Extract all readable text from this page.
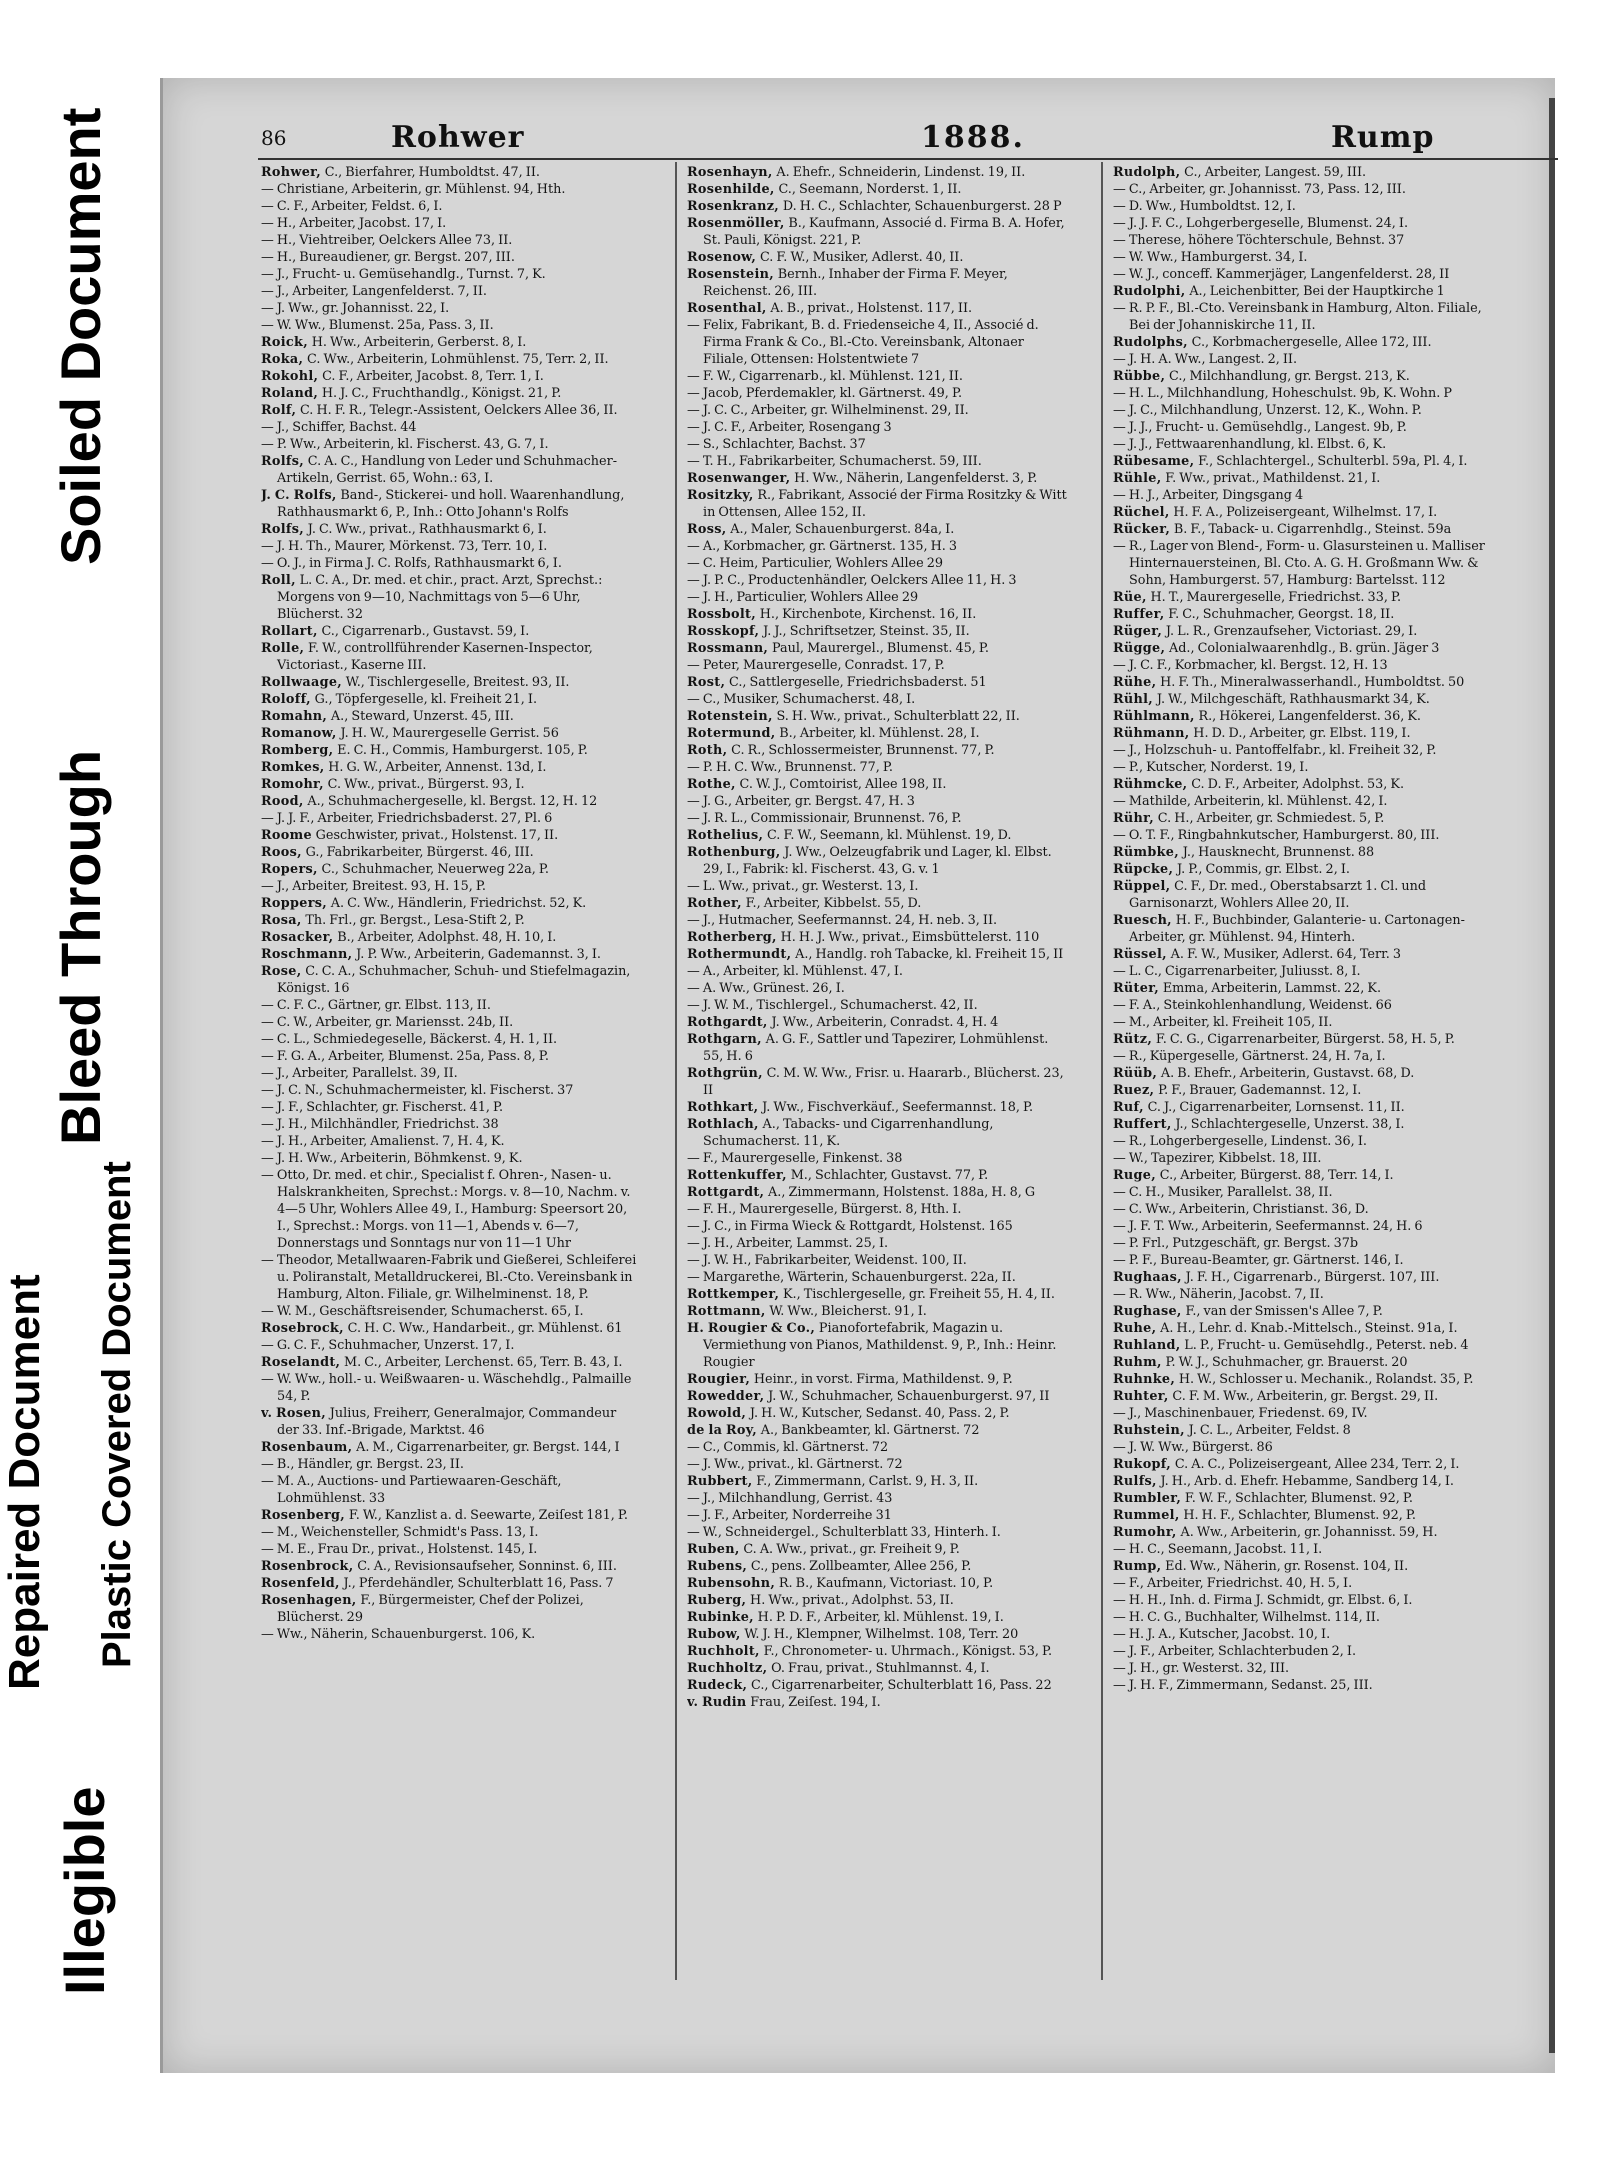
Repaired Document
Illegible
Plastic Covered Document
Bleed Through
Soiled Document	86	Rohwer	1888.	Rump
Rohwer, C., Bierfahrer, Humboldtst. 47, II.
— Christiane, Arbeiterin, gr. Mühlenst. 94, Hth.
— C. F., Arbeiter, Feldst. 6, I.
— H., Arbeiter, Jacobst. 17, I.
— H., Viehtreiber, Oelckers Allee 73, II.
— H., Bureaudiener, gr. Bergst. 207, III.
— J., Frucht- u. Gemüsehandlg., Turnst. 7, K.
— J., Arbeiter, Langenfelderst. 7, II.
— J. Ww., gr. Johannisst. 22, I.
— W. Ww., Blumenst. 25a, Pass. 3, II.
Roick, H. Ww., Arbeiterin, Gerberst. 8, I.
Roka, C. Ww., Arbeiterin, Lohmühlenst. 75, Terr. 2, II.
Rokohl, C. F., Arbeiter, Jacobst. 8, Terr. 1, I.
Roland, H. J. C., Fruchthandlg., Königst. 21, P.
Rolf, C. H. F. R., Telegr.-Assistent, Oelckers Allee 36, II.
— J., Schiffer, Bachst. 44
— P. Ww., Arbeiterin, kl. Fischerst. 43, G. 7, I.
Rolfs, C. A. C., Handlung von Leder und Schuhmacher-Artikeln, Gerrist. 65, Wohn.: 63, I.
J. C. Rolfs, Band-, Stickerei- und holl. Waarenhandlung, Rathhausmarkt 6, P., Inh.: Otto Johann's Rolfs
Rolfs, J. C. Ww., privat., Rathhausmarkt 6, I.
— J. H. Th., Maurer, Mörkenst. 73, Terr. 10, I.
— O. J., in Firma J. C. Rolfs, Rathhausmarkt 6, I.
Roll, L. C. A., Dr. med. et chir., pract. Arzt, Sprechst.: Morgens von 9—10, Nachmittags von 5—6 Uhr, Blücherst. 32
Rollart, C., Cigarrenarb., Gustavst. 59, I.
Rolle, F. W., controllführender Kasernen-Inspector, Victoriast., Kaserne III.
Rollwaage, W., Tischlergeselle, Breitest. 93, II.
Roloff, G., Töpfergeselle, kl. Freiheit 21, I.
Romahn, A., Steward, Unzerst. 45, III.
Romanow, J. H. W., Maurergeselle Gerrist. 56
Romberg, E. C. H., Commis, Hamburgerst. 105, P.
Romkes, H. G. W., Arbeiter, Annenst. 13d, I.
Romohr, C. Ww., privat., Bürgerst. 93, I.
Rood, A., Schuhmachergeselle, kl. Bergst. 12, H. 12
— J. J. F., Arbeiter, Friedrichsbaderst. 27, Pl. 6
Roome Geschwister, privat., Holstenst. 17, II.
Roos, G., Fabrikarbeiter, Bürgerst. 46, III.
Ropers, C., Schuhmacher, Neuerweg 22a, P.
— J., Arbeiter, Breitest. 93, H. 15, P.
Roppers, A. C. Ww., Händlerin, Friedrichst. 52, K.
Rosa, Th. Frl., gr. Bergst., Lesa-Stift 2, P.
Rosacker, B., Arbeiter, Adolphst. 48, H. 10, I.
Roschmann, J. P. Ww., Arbeiterin, Gademannst. 3, I.
Rose, C. C. A., Schuhmacher, Schuh- und Stiefelmagazin, Königst. 16
— C. F. C., Gärtner, gr. Elbst. 113, II.
— C. W., Arbeiter, gr. Mariensst. 24b, II.
— C. L., Schmiedegeselle, Bäckerst. 4, H. 1, II.
— F. G. A., Arbeiter, Blumenst. 25a, Pass. 8, P.
— J., Arbeiter, Parallelst. 39, II.
— J. C. N., Schuhmachermeister, kl. Fischerst. 37
— J. F., Schlachter, gr. Fischerst. 41, P.
— J. H., Milchhändler, Friedrichst. 38
— J. H., Arbeiter, Amalienst. 7, H. 4, K.
— J. H. Ww., Arbeiterin, Böhmkenst. 9, K.
— Otto, Dr. med. et chir., Specialist f. Ohren-, Nasen- u. Halskrankheiten, Sprechst.: Morgs. v. 8—10, Nachm. v. 4—5 Uhr, Wohlers Allee 49, I., Hamburg: Speersort 20, I., Sprechst.: Morgs. von 11—1, Abends v. 6—7, Donnerstags und Sonntags nur von 11—1 Uhr
— Theodor, Metallwaaren-Fabrik und Gießerei, Schleiferei u. Poliranstalt, Metalldruckerei, Bl.-Cto. Vereinsbank in Hamburg, Alton. Filiale, gr. Wilhelminenst. 18, P.
— W. M., Geschäftsreisender, Schumacherst. 65, I.
Rosebrock, C. H. C. Ww., Handarbeit., gr. Mühlenst. 61
— G. C. F., Schuhmacher, Unzerst. 17, I.
Roselandt, M. C., Arbeiter, Lerchenst. 65, Terr. B. 43, I.
— W. Ww., holl.- u. Weißwaaren- u. Wäschehdlg., Palmaille 54, P.
v. Rosen, Julius, Freiherr, Generalmajor, Commandeur der 33. Inf.-Brigade, Marktst. 46
Rosenbaum, A. M., Cigarrenarbeiter, gr. Bergst. 144, I
— B., Händler, gr. Bergst. 23, II.
— M. A., Auctions- und Partiewaaren-Geschäft, Lohmühlenst. 33
Rosenberg, F. W., Kanzlist a. d. Seewarte, Zeiſest 181, P.
— M., Weichensteller, Schmidt's Pass. 13, I.
— M. E., Frau Dr., privat., Holstenst. 145, I.
Rosenbrock, C. A., Revisionsaufseher, Sonninst. 6, III.
Rosenfeld, J., Pferdehändler, Schulterblatt 16, Pass. 7
Rosenhagen, F., Bürgermeister, Chef der Polizei, Blücherst. 29
— Ww., Näherin, Schauenburgerst. 106, K.
Rosenhayn, A. Ehefr., Schneiderin, Lindenst. 19, II.
Rosenhilde, C., Seemann, Norderst. 1, II.
Rosenkranz, D. H. C., Schlachter, Schauenburgerst. 28 P
Rosenmöller, B., Kaufmann, Associé d. Firma B. A. Hofer, St. Pauli, Königst. 221, P.
Rosenow, C. F. W., Musiker, Adlerst. 40, II.
Rosenstein, Bernh., Inhaber der Firma F. Meyer, Reichenst. 26, III.
Rosenthal, A. B., privat., Holstenst. 117, II.
— Felix, Fabrikant, B. d. Friedenseiche 4, II., Associé d. Firma Frank & Co., Bl.-Cto. Vereinsbank, Altonaer Filiale, Ottensen: Holstentwiete 7
— F. W., Cigarrenarb., kl. Mühlenst. 121, II.
— Jacob, Pferdemakler, kl. Gärtnerst. 49, P.
— J. C. C., Arbeiter, gr. Wilhelminenst. 29, II.
— J. C. F., Arbeiter, Rosengang 3
— S., Schlachter, Bachst. 37
— T. H., Fabrikarbeiter, Schumacherst. 59, III.
Rosenwanger, H. Ww., Näherin, Langenfelderst. 3, P.
Rositzky, R., Fabrikant, Associé der Firma Rositzky & Witt in Ottensen, Allee 152, II.
Ross, A., Maler, Schauenburgerst. 84a, I.
— A., Korbmacher, gr. Gärtnerst. 135, H. 3
— C. Heim, Particulier, Wohlers Allee 29
— J. P. C., Productenhändler, Oelckers Allee 11, H. 3
— J. H., Particulier, Wohlers Allee 29
Rossbolt, H., Kirchenbote, Kirchenst. 16, II.
Rosskopf, J. J., Schriftsetzer, Steinst. 35, II.
Rossmann, Paul, Maurergel., Blumenst. 45, P.
— Peter, Maurergeselle, Conradst. 17, P.
Rost, C., Sattlergeselle, Friedrichsbaderst. 51
— C., Musiker, Schumacherst. 48, I.
Rotenstein, S. H. Ww., privat., Schulterblatt 22, II.
Rotermund, B., Arbeiter, kl. Mühlenst. 28, I.
Roth, C. R., Schlossermeister, Brunnenst. 77, P.
— P. H. C. Ww., Brunnenst. 77, P.
Rothe, C. W. J., Comtoirist, Allee 198, II.
— J. G., Arbeiter, gr. Bergst. 47, H. 3
— J. R. L., Commissionair, Brunnenst. 76, P.
Rothelius, C. F. W., Seemann, kl. Mühlenst. 19, D.
Rothenburg, J. Ww., Oelzeugfabrik und Lager, kl. Elbst. 29, I., Fabrik: kl. Fischerst. 43, G. v. 1
— L. Ww., privat., gr. Westerst. 13, I.
Rother, F., Arbeiter, Kibbelst. 55, D.
— J., Hutmacher, Seefermannst. 24, H. neb. 3, II.
Rotherberg, H. H. J. Ww., privat., Eimsbüttelerst. 110
Rothermundt, A., Handlg. roh Tabacke, kl. Freiheit 15, II
— A., Arbeiter, kl. Mühlenst. 47, I.
— A. Ww., Grünest. 26, I.
— J. W. M., Tischlergel., Schumacherst. 42, II.
Rothgardt, J. Ww., Arbeiterin, Conradst. 4, H. 4
Rothgarn, A. G. F., Sattler und Tapezirer, Lohmühlenst. 55, H. 6
Rothgrün, C. M. W. Ww., Frisr. u. Haararb., Blücherst. 23, II
Rothkart, J. Ww., Fischverkäuf., Seefermannst. 18, P.
Rothlach, A., Tabacks- und Cigarrenhandlung, Schumacherst. 11, K.
— F., Maurergeselle, Finkenst. 38
Rottenkuffer, M., Schlachter, Gustavst. 77, P.
Rottgardt, A., Zimmermann, Holstenst. 188a, H. 8, G
— F. H., Maurergeselle, Bürgerst. 8, Hth. I.
— J. C., in Firma Wieck & Rottgardt, Holstenst. 165
— J. H., Arbeiter, Lammst. 25, I.
— J. W. H., Fabrikarbeiter, Weidenst. 100, II.
— Margarethe, Wärterin, Schauenburgerst. 22a, II.
Rottkemper, K., Tischlergeselle, gr. Freiheit 55, H. 4, II.
Rottmann, W. Ww., Bleicherst. 91, I.
H. Rougier & Co., Pianofortefabrik, Magazin u. Vermiethung von Pianos, Mathildenst. 9, P., Inh.: Heinr. Rougier
Rougier, Heinr., in vorst. Firma, Mathildenst. 9, P.
Rowedder, J. W., Schuhmacher, Schauenburgerst. 97, II
Rowold, J. H. W., Kutscher, Sedanst. 40, Pass. 2, P.
de la Roy, A., Bankbeamter, kl. Gärtnerst. 72
— C., Commis, kl. Gärtnerst. 72
— J. Ww., privat., kl. Gärtnerst. 72
Rubbert, F., Zimmermann, Carlst. 9, H. 3, II.
— J., Milchhandlung, Gerrist. 43
— J. F., Arbeiter, Norderreihe 31
— W., Schneidergel., Schulterblatt 33, Hinterh. I.
Ruben, C. A. Ww., privat., gr. Freiheit 9, P.
Rubens, C., pens. Zollbeamter, Allee 256, P.
Rubensohn, R. B., Kaufmann, Victoriast. 10, P.
Ruberg, H. Ww., privat., Adolphst. 53, II.
Rubinke, H. P. D. F., Arbeiter, kl. Mühlenst. 19, I.
Rubow, W. J. H., Klempner, Wilhelmst. 108, Terr. 20
Ruchholt, F., Chronometer- u. Uhrmach., Königst. 53, P.
Ruchholtz, O. Frau, privat., Stuhlmannst. 4, I.
Rudeck, C., Cigarrenarbeiter, Schulterblatt 16, Pass. 22
v. Rudin Frau, Zeiſest. 194, I.
Rudolph, C., Arbeiter, Langest. 59, III.
— C., Arbeiter, gr. Johannisst. 73, Pass. 12, III.
— D. Ww., Humboldtst. 12, I.
— J. J. F. C., Lohgerbergeselle, Blumenst. 24, I.
— Therese, höhere Töchterschule, Behnst. 37
— W. Ww., Hamburgerst. 34, I.
— W. J., conceff. Kammerjäger, Langenfelderst. 28, II
Rudolphi, A., Leichenbitter, Bei der Hauptkirche 1
— R. P. F., Bl.-Cto. Vereinsbank in Hamburg, Alton. Filiale, Bei der Johanniskirche 11, II.
Rudolphs, C., Korbmachergeselle, Allee 172, III.
— J. H. A. Ww., Langest. 2, II.
Rübbe, C., Milchhandlung, gr. Bergst. 213, K.
— H. L., Milchhandlung, Hoheschulst. 9b, K. Wohn. P
— J. C., Milchhandlung, Unzerst. 12, K., Wohn. P.
— J. J., Frucht- u. Gemüsehdlg., Langest. 9b, P.
— J. J., Fettwaarenhandlung, kl. Elbst. 6, K.
Rübesame, F., Schlachtergel., Schulterbl. 59a, Pl. 4, I.
Rühle, F. Ww., privat., Mathildenst. 21, I.
— H. J., Arbeiter, Dingsgang 4
Rüchel, H. F. A., Polizeisergeant, Wilhelmst. 17, I.
Rücker, B. F., Taback- u. Cigarrenhdlg., Steinst. 59a
— R., Lager von Blend-, Form- u. Glasursteinen u. Malliser Hinternauersteinen, Bl. Cto. A. G. H. Großmann Ww. & Sohn, Hamburgerst. 57, Hamburg: Bartelsst. 112
Rüe, H. T., Maurergeselle, Friedrichst. 33, P.
Ruffer, F. C., Schuhmacher, Georgst. 18, II.
Rüger, J. L. R., Grenzaufseher, Victoriast. 29, I.
Rügge, Ad., Colonialwaarenhdlg., B. grün. Jäger 3
— J. C. F., Korbmacher, kl. Bergst. 12, H. 13
Rühe, H. F. Th., Mineralwasserhandl., Humboldtst. 50
Rühl, J. W., Milchgeschäft, Rathhausmarkt 34, K.
Rühlmann, R., Hökerei, Langenfelderst. 36, K.
Rühmann, H. D. D., Arbeiter, gr. Elbst. 119, I.
— J., Holzschuh- u. Pantoffelfabr., kl. Freiheit 32, P.
— P., Kutscher, Norderst. 19, I.
Rühmcke, C. D. F., Arbeiter, Adolphst. 53, K.
— Mathilde, Arbeiterin, kl. Mühlenst. 42, I.
Rühr, C. H., Arbeiter, gr. Schmiedest. 5, P.
— O. T. F., Ringbahnkutscher, Hamburgerst. 80, III.
Rümbke, J., Hausknecht, Brunnenst. 88
Rüpcke, J. P., Commis, gr. Elbst. 2, I.
Rüppel, C. F., Dr. med., Oberstabsarzt 1. Cl. und Garnisonarzt, Wohlers Allee 20, II.
Ruesch, H. F., Buchbinder, Galanterie- u. Cartonagen-Arbeiter, gr. Mühlenst. 94, Hinterh.
Rüssel, A. F. W., Musiker, Adlerst. 64, Terr. 3
— L. C., Cigarrenarbeiter, Juliusst. 8, I.
Rüter, Emma, Arbeiterin, Lammst. 22, K.
— F. A., Steinkohlenhandlung, Weidenst. 66
— M., Arbeiter, kl. Freiheit 105, II.
Rütz, F. C. G., Cigarrenarbeiter, Bürgerst. 58, H. 5, P.
— R., Küpergeselle, Gärtnerst. 24, H. 7a, I.
Rüüb, A. B. Ehefr., Arbeiterin, Gustavst. 68, D.
Ruez, P. F., Brauer, Gademannst. 12, I.
Ruf, C. J., Cigarrenarbeiter, Lornsenst. 11, II.
Ruffert, J., Schlachtergeselle, Unzerst. 38, I.
— R., Lohgerbergeselle, Lindenst. 36, I.
— W., Tapezirer, Kibbelst. 18, III.
Ruge, C., Arbeiter, Bürgerst. 88, Terr. 14, I.
— C. H., Musiker, Parallelst. 38, II.
— C. Ww., Arbeiterin, Christianst. 36, D.
— J. F. T. Ww., Arbeiterin, Seefermannst. 24, H. 6
— P. Frl., Putzgeschäft, gr. Bergst. 37b
— P. F., Bureau-Beamter, gr. Gärtnerst. 146, I.
Rughaas, J. F. H., Cigarrenarb., Bürgerst. 107, III.
— R. Ww., Näherin, Jacobst. 7, II.
Rughase, F., van der Smissen's Allee 7, P.
Ruhe, A. H., Lehr. d. Knab.-Mittelsch., Steinst. 91a, I.
Ruhland, L. P., Frucht- u. Gemüsehdlg., Peterst. neb. 4
Ruhm, P. W. J., Schuhmacher, gr. Brauerst. 20
Ruhnke, H. W., Schlosser u. Mechanik., Rolandst. 35, P.
Ruhter, C. F. M. Ww., Arbeiterin, gr. Bergst. 29, II.
— J., Maschinenbauer, Friedenst. 69, IV.
Ruhstein, J. C. L., Arbeiter, Feldst. 8
— J. W. Ww., Bürgerst. 86
Rukopf, C. A. C., Polizeisergeant, Allee 234, Terr. 2, I.
Rulfs, J. H., Arb. d. Ehefr. Hebamme, Sandberg 14, I.
Rumbler, F. W. F., Schlachter, Blumenst. 92, P.
Rummel, H. H. F., Schlachter, Blumenst. 92, P.
Rumohr, A. Ww., Arbeiterin, gr. Johannisst. 59, H.
— H. C., Seemann, Jacobst. 11, I.
Rump, Ed. Ww., Näherin, gr. Rosenst. 104, II.
— F., Arbeiter, Friedrichst. 40, H. 5, I.
— H. H., Inh. d. Firma J. Schmidt, gr. Elbst. 6, I.
— H. C. G., Buchhalter, Wilhelmst. 114, II.
— H. J. A., Kutscher, Jacobst. 10, I.
— J. F., Arbeiter, Schlachterbuden 2, I.
— J. H., gr. Westerst. 32, III.
— J. H. F., Zimmermann, Sedanst. 25, III.
